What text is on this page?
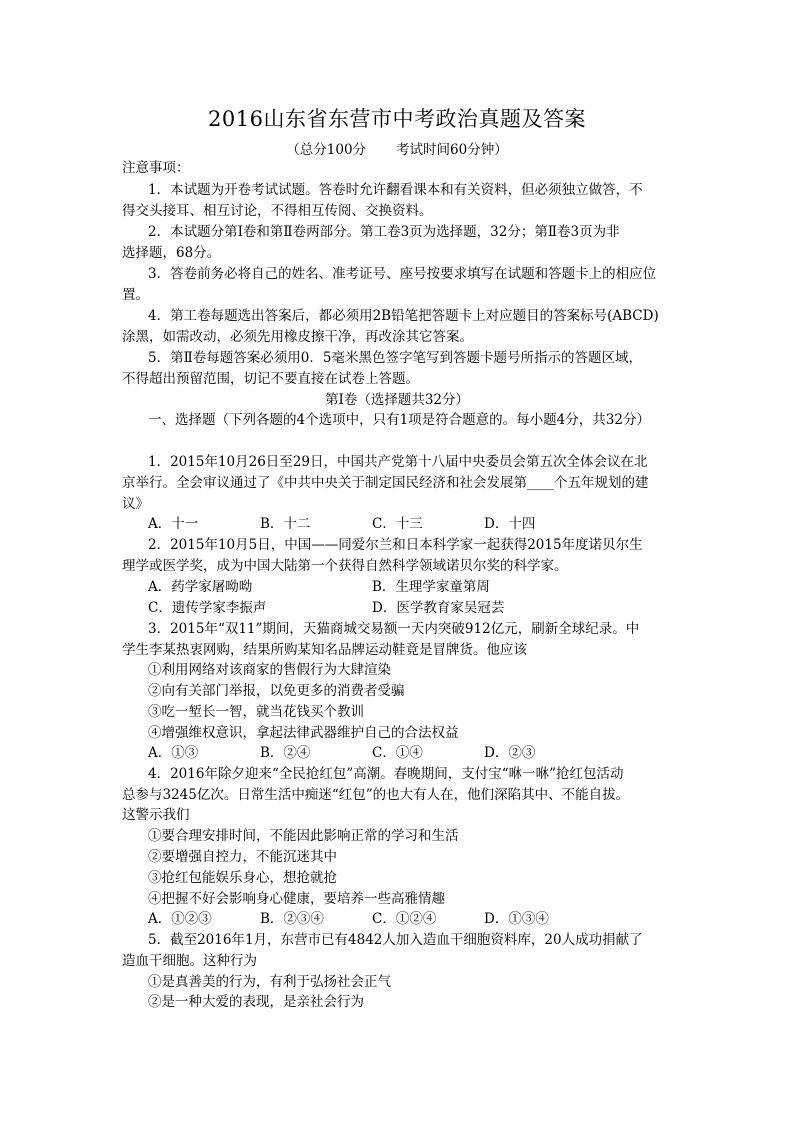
2016山东省东营市中考政治真题及答案
（总分100分 考试时间60分钟）
注意事项：
1．本试题为开卷考试试题。答卷时允许翻看课本和有关资料，但必须独立做答，不
得交头接耳、相互讨论，不得相互传阅、交换资料。
2．本试题分第Ⅰ卷和第Ⅱ卷两部分。第工卷3页为选择题，32分；第Ⅱ卷3页为非
选择题，68分。
3．答卷前务必将自己的姓名、准考证号、座号按要求填写在试题和答题卡上的相应位
置。
4．第工卷每题选出答案后，都必须用2B铅笔把答题卡上对应题目的答案标号(ABCD)
涂黑，如需改动，必须先用橡皮擦干净，再改涂其它答案。
5．第Ⅱ卷每题答案必须用0．5毫米黑色签字笔写到答题卡题号所指示的答题区域，
不得超出预留范围，切记不要直接在试卷上答题。
第Ⅰ卷（选择题共32分）
一、选择题（下列各题的4个选项中，只有1项是符合题意的。每小题4分，共32分）
1．2015年10月26日至29日，中国共产党第十八届中央委员会第五次全体会议在北
京举行。全会审议通过了《中共中央关于制定国民经济和社会发展第____个五年规划的建
议》
A．十一	B．十二	C．十三	D．十四
2．2015年10月5日，中国——同爱尔兰和日本科学家一起获得2015年度诺贝尔生
理学或医学奖，成为中国大陆第一个获得自然科学领域诺贝尔奖的科学家。
A．药学家屠呦呦	B．生理学家童第周
C．遗传学家李振声	D．医学教育家吴冠芸
3．2015年“双11”期间，天猫商城交易额一天内突破912亿元，刷新全球纪录。中
学生李某热衷网购，结果所购某知名品牌运动鞋竟是冒牌货。他应该
①利用网络对该商家的售假行为大肆渲染
②向有关部门举报，以免更多的消费者受骗
③吃一堑长一智，就当花钱买个教训
④增强维权意识，拿起法律武器维护自己的合法权益
A．①③	B．②④	C．①④	D．②③
4．2016年除夕迎来“全民抢红包”高潮。春晚期间，支付宝“咻一咻”抢红包活动
总参与3245亿次。日常生活中痴迷“红包”的也大有人在，他们深陷其中、不能自拔。
这警示我们
①要合理安排时间，不能因此影响正常的学习和生活
②要增强自控力，不能沉迷其中
③抢红包能娱乐身心，想抢就抢
④把握不好会影响身心健康，要培养一些高雅情趣
A．①②③	B．②③④	C．①②④	D．①③④
5．截至2016年1月，东营市已有4842人加入造血干细胞资料库，20人成功捐献了
造血干细胞。这种行为
①是真善美的行为，有利于弘扬社会正气
②是一种大爱的表现，是亲社会行为
